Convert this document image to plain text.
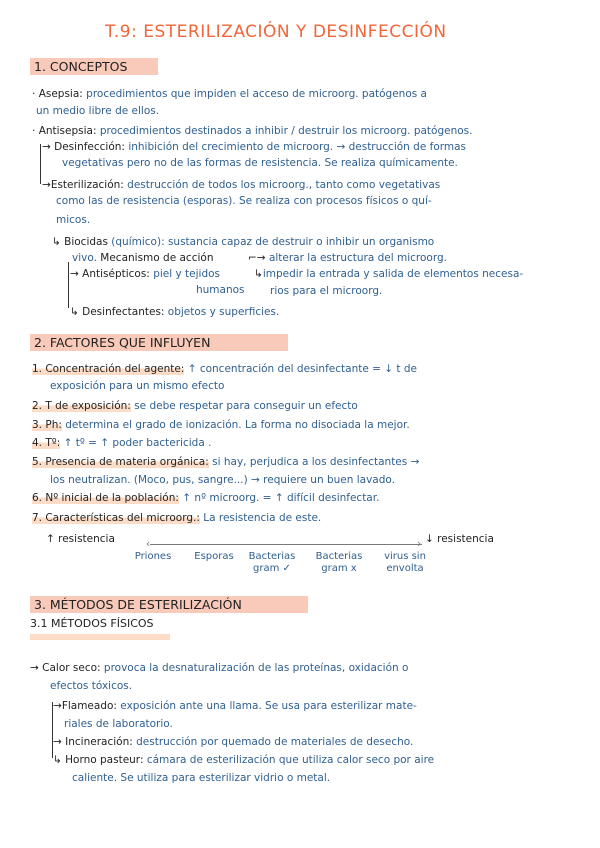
T.9: ESTERILIZACIÓN Y DESINFECCIÓN
1. CONCEPTOS
· Asepsia: procedimientos que impiden el acceso de microorg. patógenos a
un medio libre de ellos.
· Antisepsia: procedimientos destinados a inhibir / destruir los microorg. patógenos.
→ Desinfección: inhibición del crecimiento de microorg. → destrucción de formas
vegetativas pero no de las formas de resistencia. Se realiza químicamente.
→Esterilización: destrucción de todos los microorg., tanto como vegetativas
como las de resistencia (esporas). Se realiza con procesos físicos o quí-
micos.
↳ Biocidas (químico): sustancia capaz de destruir o inhibir un organismo
vivo. Mecanismo de acción	⌐→ alterar la estructura del microorg.
↳impedir la entrada y salida de elementos necesa-
rios para el microorg.
→ Antisépticos: piel y tejidos
humanos
↳ Desinfectantes: objetos y superficies.
2. FACTORES QUE INFLUYEN
1. Concentración del agente: ↑ concentración del desinfectante = ↓ t de
exposición para un mismo efecto
2. T de exposición: se debe respetar para conseguir un efecto
3. Ph: determina el grado de ionización. La forma no disociada la mejor.
4. Tº: ↑ tº = ↑ poder bactericida .
5. Presencia de materia orgánica: si hay, perjudica a los desinfectantes →
los neutralizan. (Moco, pus, sangre...) → requiere un buen lavado.
6. Nº inicial de la población: ↑ nº microorg. = ↑ difícil desinfectar.
7. Características del microorg.: La resistencia de este.
↑ resistencia	‹	› ↓ resistencia
Priones	Esporas	Bacterias gram ✓
Bacterias gram x
virus sin envolta
3. MÉTODOS DE ESTERILIZACIÓN
3.1 MÉTODOS FÍSICOS
→ Calor seco: provoca la desnaturalización de las proteínas, oxidación o
efectos tóxicos.
→Flameado: exposición ante una llama. Se usa para esterilizar mate-
riales de laboratorio.
→ Incineración: destrucción por quemado de materiales de desecho.
↳ Horno pasteur: cámara de esterilización que utiliza calor seco por aire
caliente. Se utiliza para esterilizar vidrio o metal.
